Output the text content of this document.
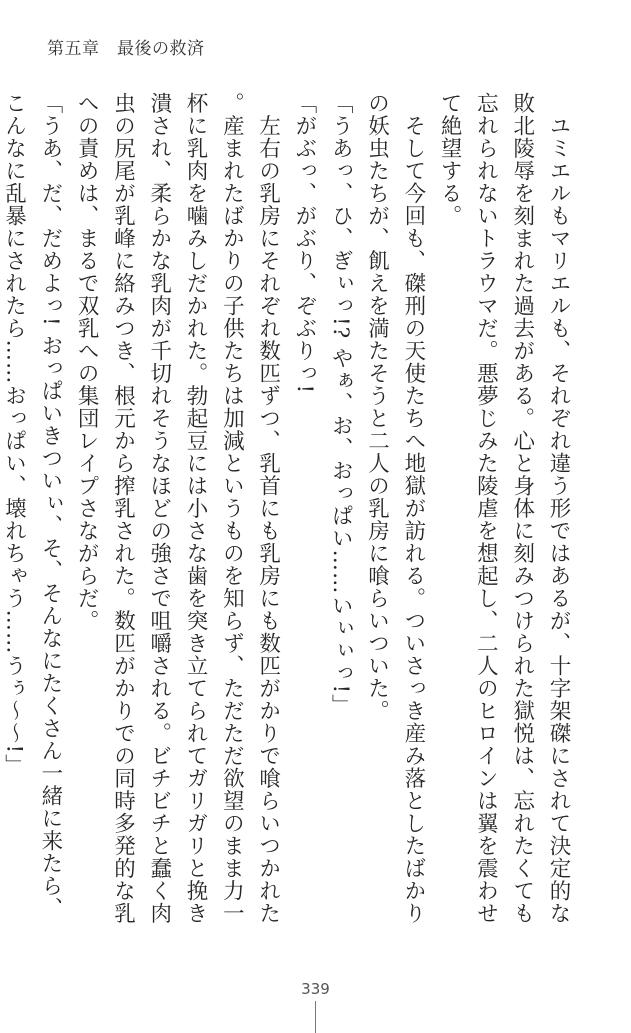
第五章　最後の救済

　ユミエルもマリエルも、それぞれ違う形ではあるが、十字架磔にされて決定的な敗北陵辱を刻まれた過去がある。心と身体に刻みつけられた獄悦は、忘れたくても忘れられないトラウマだ。悪夢じみた陵虐を想起し、二人のヒロインは翼を震わせて絶望する。

　そして今回も、磔刑の天使たちへ地獄が訪れる。ついさっき産み落としたばかりの妖虫たちが、飢えを満たそうと二人の乳房に喰らいついた。

「うあっ、ひ、ぎぃっ!? やぁ、お、おっぱい……いぃぃっ!」

「がぶっ、がぶり、ぞぶりっ!

　左右の乳房にそれぞれ数匹ずつ、乳首にも乳房にも数匹がかりで喰らいつかれた。産まれたばかりの子供たちは加減というものを知らず、ただただ欲望のまま力一杯に乳肉を噛みしだかれた。勃起豆には小さな歯を突き立てられてガリガリと挽き潰され、柔らかな乳肉が千切れそうなほどの強さで咀嚼される。ビチビチと蠢く肉虫の尻尾が乳峰に絡みつき、根元から搾乳された。数匹がかりでの同時多発的な乳への責めは、まるで双乳への集団レイプさながらだ。

「うあ、だ、だめよっ! おっぱいきついぃ、そ、そんなにたくさん一緒に来たら、こんなに乱暴にされたら……おっぱい、壊れちゃう……うぅ～～!」

339
